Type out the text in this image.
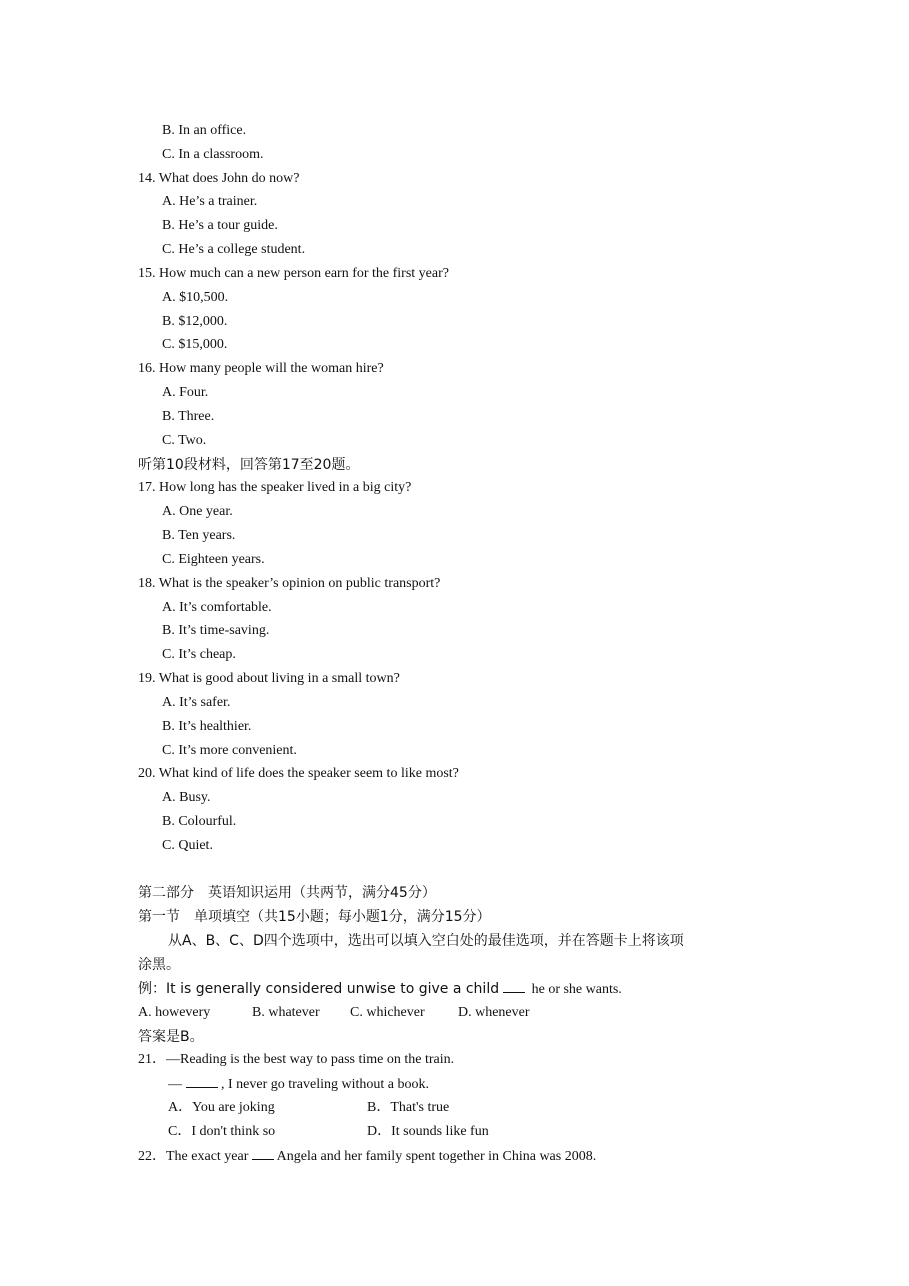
B. In an office.
C. In a classroom.
14. What does John do now?
A. He’s a trainer.
B. He’s a tour guide.
C. He’s a college student.
15. How much can a new person earn for the first year?
A. $10,500.
B. $12,000.
C. $15,000.
16. How many people will the woman hire?
A. Four.
B. Three.
C. Two.
听第10段材料，回答第17至20题。
17. How long has the speaker lived in a big city?
A. One year.
B. Ten years.
C. Eighteen years.
18. What is the speaker’s opinion on public transport?
A. It’s comfortable.
B. It’s time-saving.
C. It’s cheap.
19. What is good about living in a small town?
A. It’s safer.
B. It’s healthier.
C. It’s more convenient.
20. What kind of life does the speaker seem to like most?
A. Busy.
B. Colourful.
C. Quiet.
第二部分　英语知识运用（共两节，满分45分）
第一节　单项填空（共15小题；每小题1分，满分15分）
从A、B、C、D四个选项中，选出可以填入空白处的最佳选项，并在答题卡上将该项
涂黑。
例：It is generally considered unwise to give a child he or she wants.
A. howevery	B. whatever C. whichever D. whenever
答案是B。
21．—Reading is the best way to pass time on the train.
—	, I never go traveling without a book.
A．You are joking	B．That's true
C．I don't think so	D．It sounds like fun
22．The exact year Angela and her family spent together in China was 2008.
